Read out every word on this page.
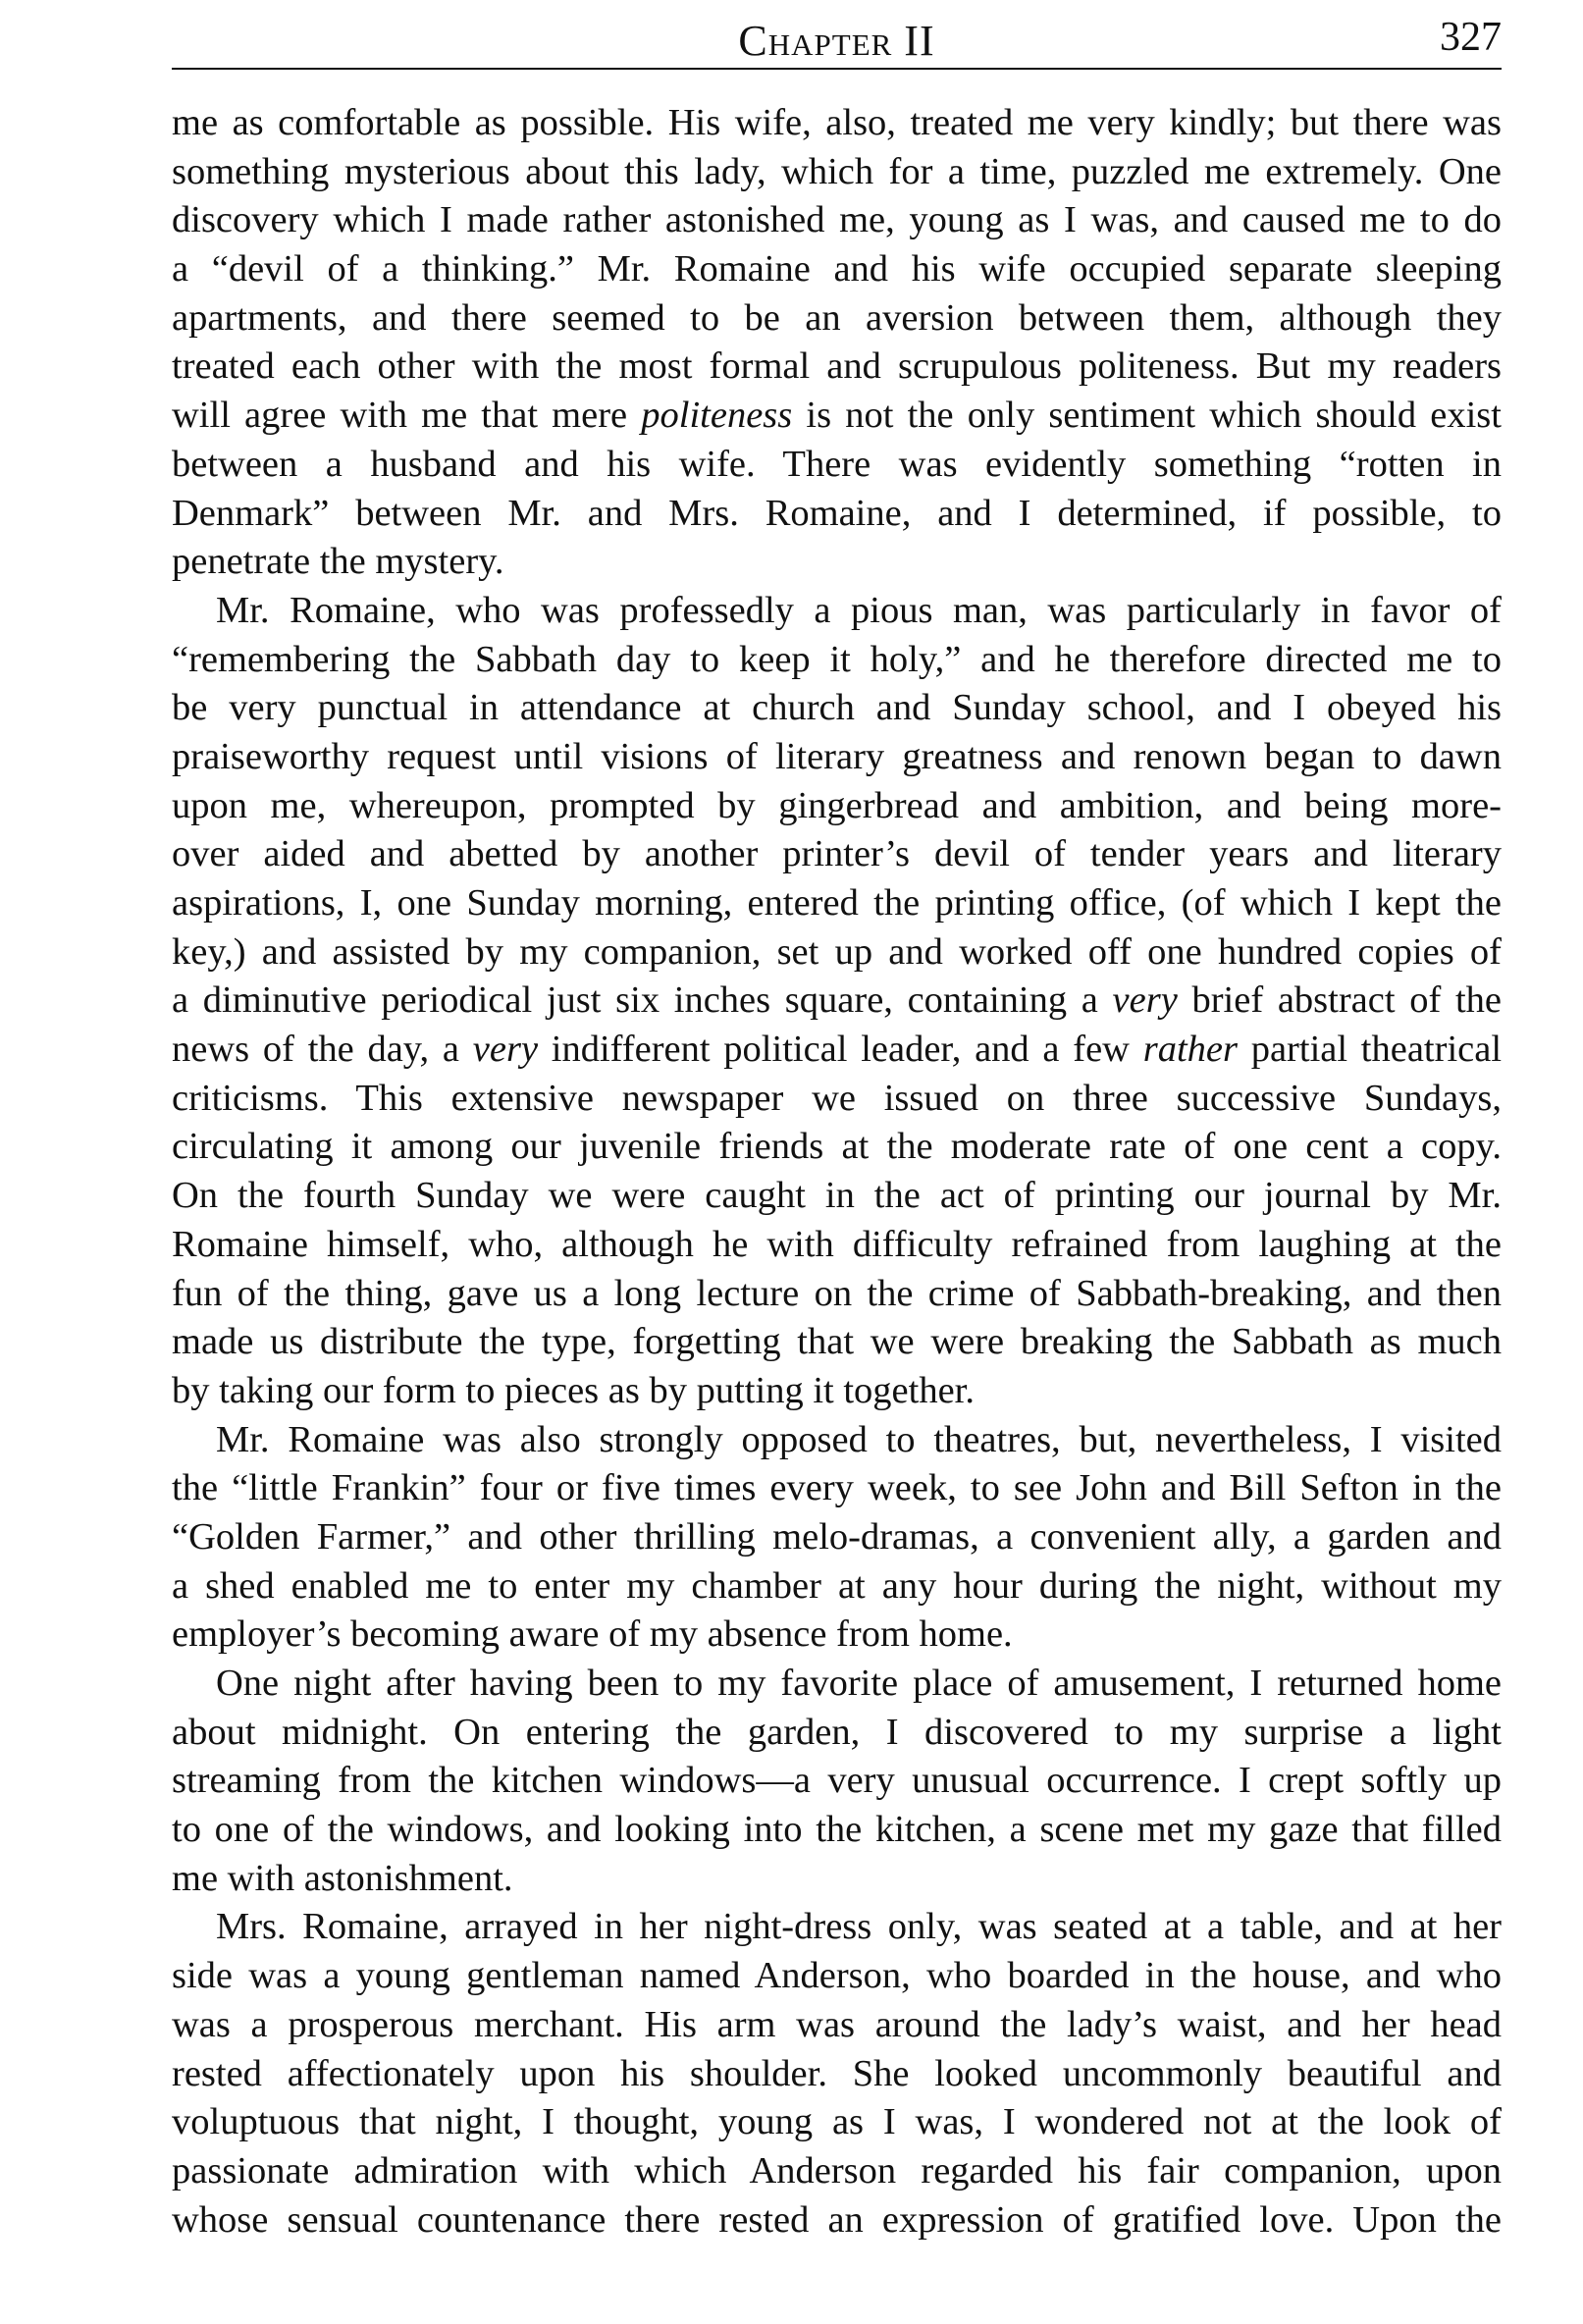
Chapter II	327
me as comfortable as possible. His wife, also, treated me very kindly; but there was
something mysterious about this lady, which for a time, puzzled me extremely. One
discovery which I made rather astonished me, young as I was, and caused me to do
a “devil of a thinking.” Mr. Romaine and his wife occupied separate sleeping
apartments, and there seemed to be an aversion between them, although they
treated each other with the most formal and scrupulous politeness. But my readers
will agree with me that mere politeness is not the only sentiment which should exist
between a husband and his wife. There was evidently something “rotten in
Denmark” between Mr. and Mrs. Romaine, and I determined, if possible, to
penetrate the mystery.
Mr. Romaine, who was professedly a pious man, was particularly in favor of
“remembering the Sabbath day to keep it holy,” and he therefore directed me to
be very punctual in attendance at church and Sunday school, and I obeyed his
praiseworthy request until visions of literary greatness and renown began to dawn
upon me, whereupon, prompted by gingerbread and ambition, and being more-
over aided and abetted by another printer’s devil of tender years and literary
aspirations, I, one Sunday morning, entered the printing office, (of which I kept the
key,) and assisted by my companion, set up and worked off one hundred copies of
a diminutive periodical just six inches square, containing a very brief abstract of the
news of the day, a very indifferent political leader, and a few rather partial theatrical
criticisms. This extensive newspaper we issued on three successive Sundays,
circulating it among our juvenile friends at the moderate rate of one cent a copy.
On the fourth Sunday we were caught in the act of printing our journal by Mr.
Romaine himself, who, although he with difficulty refrained from laughing at the
fun of the thing, gave us a long lecture on the crime of Sabbath-breaking, and then
made us distribute the type, forgetting that we were breaking the Sabbath as much
by taking our form to pieces as by putting it together.
Mr. Romaine was also strongly opposed to theatres, but, nevertheless, I visited
the “little Frankin” four or five times every week, to see John and Bill Sefton in the
“Golden Farmer,” and other thrilling melo-dramas, a convenient ally, a garden and
a shed enabled me to enter my chamber at any hour during the night, without my
employer’s becoming aware of my absence from home.
One night after having been to my favorite place of amusement, I returned home
about midnight. On entering the garden, I discovered to my surprise a light
streaming from the kitchen windows—a very unusual occurrence. I crept softly up
to one of the windows, and looking into the kitchen, a scene met my gaze that filled
me with astonishment.
Mrs. Romaine, arrayed in her night-dress only, was seated at a table, and at her
side was a young gentleman named Anderson, who boarded in the house, and who
was a prosperous merchant. His arm was around the lady’s waist, and her head
rested affectionately upon his shoulder. She looked uncommonly beautiful and
voluptuous that night, I thought, young as I was, I wondered not at the look of
passionate admiration with which Anderson regarded his fair companion, upon
whose sensual countenance there rested an expression of gratified love. Upon the
